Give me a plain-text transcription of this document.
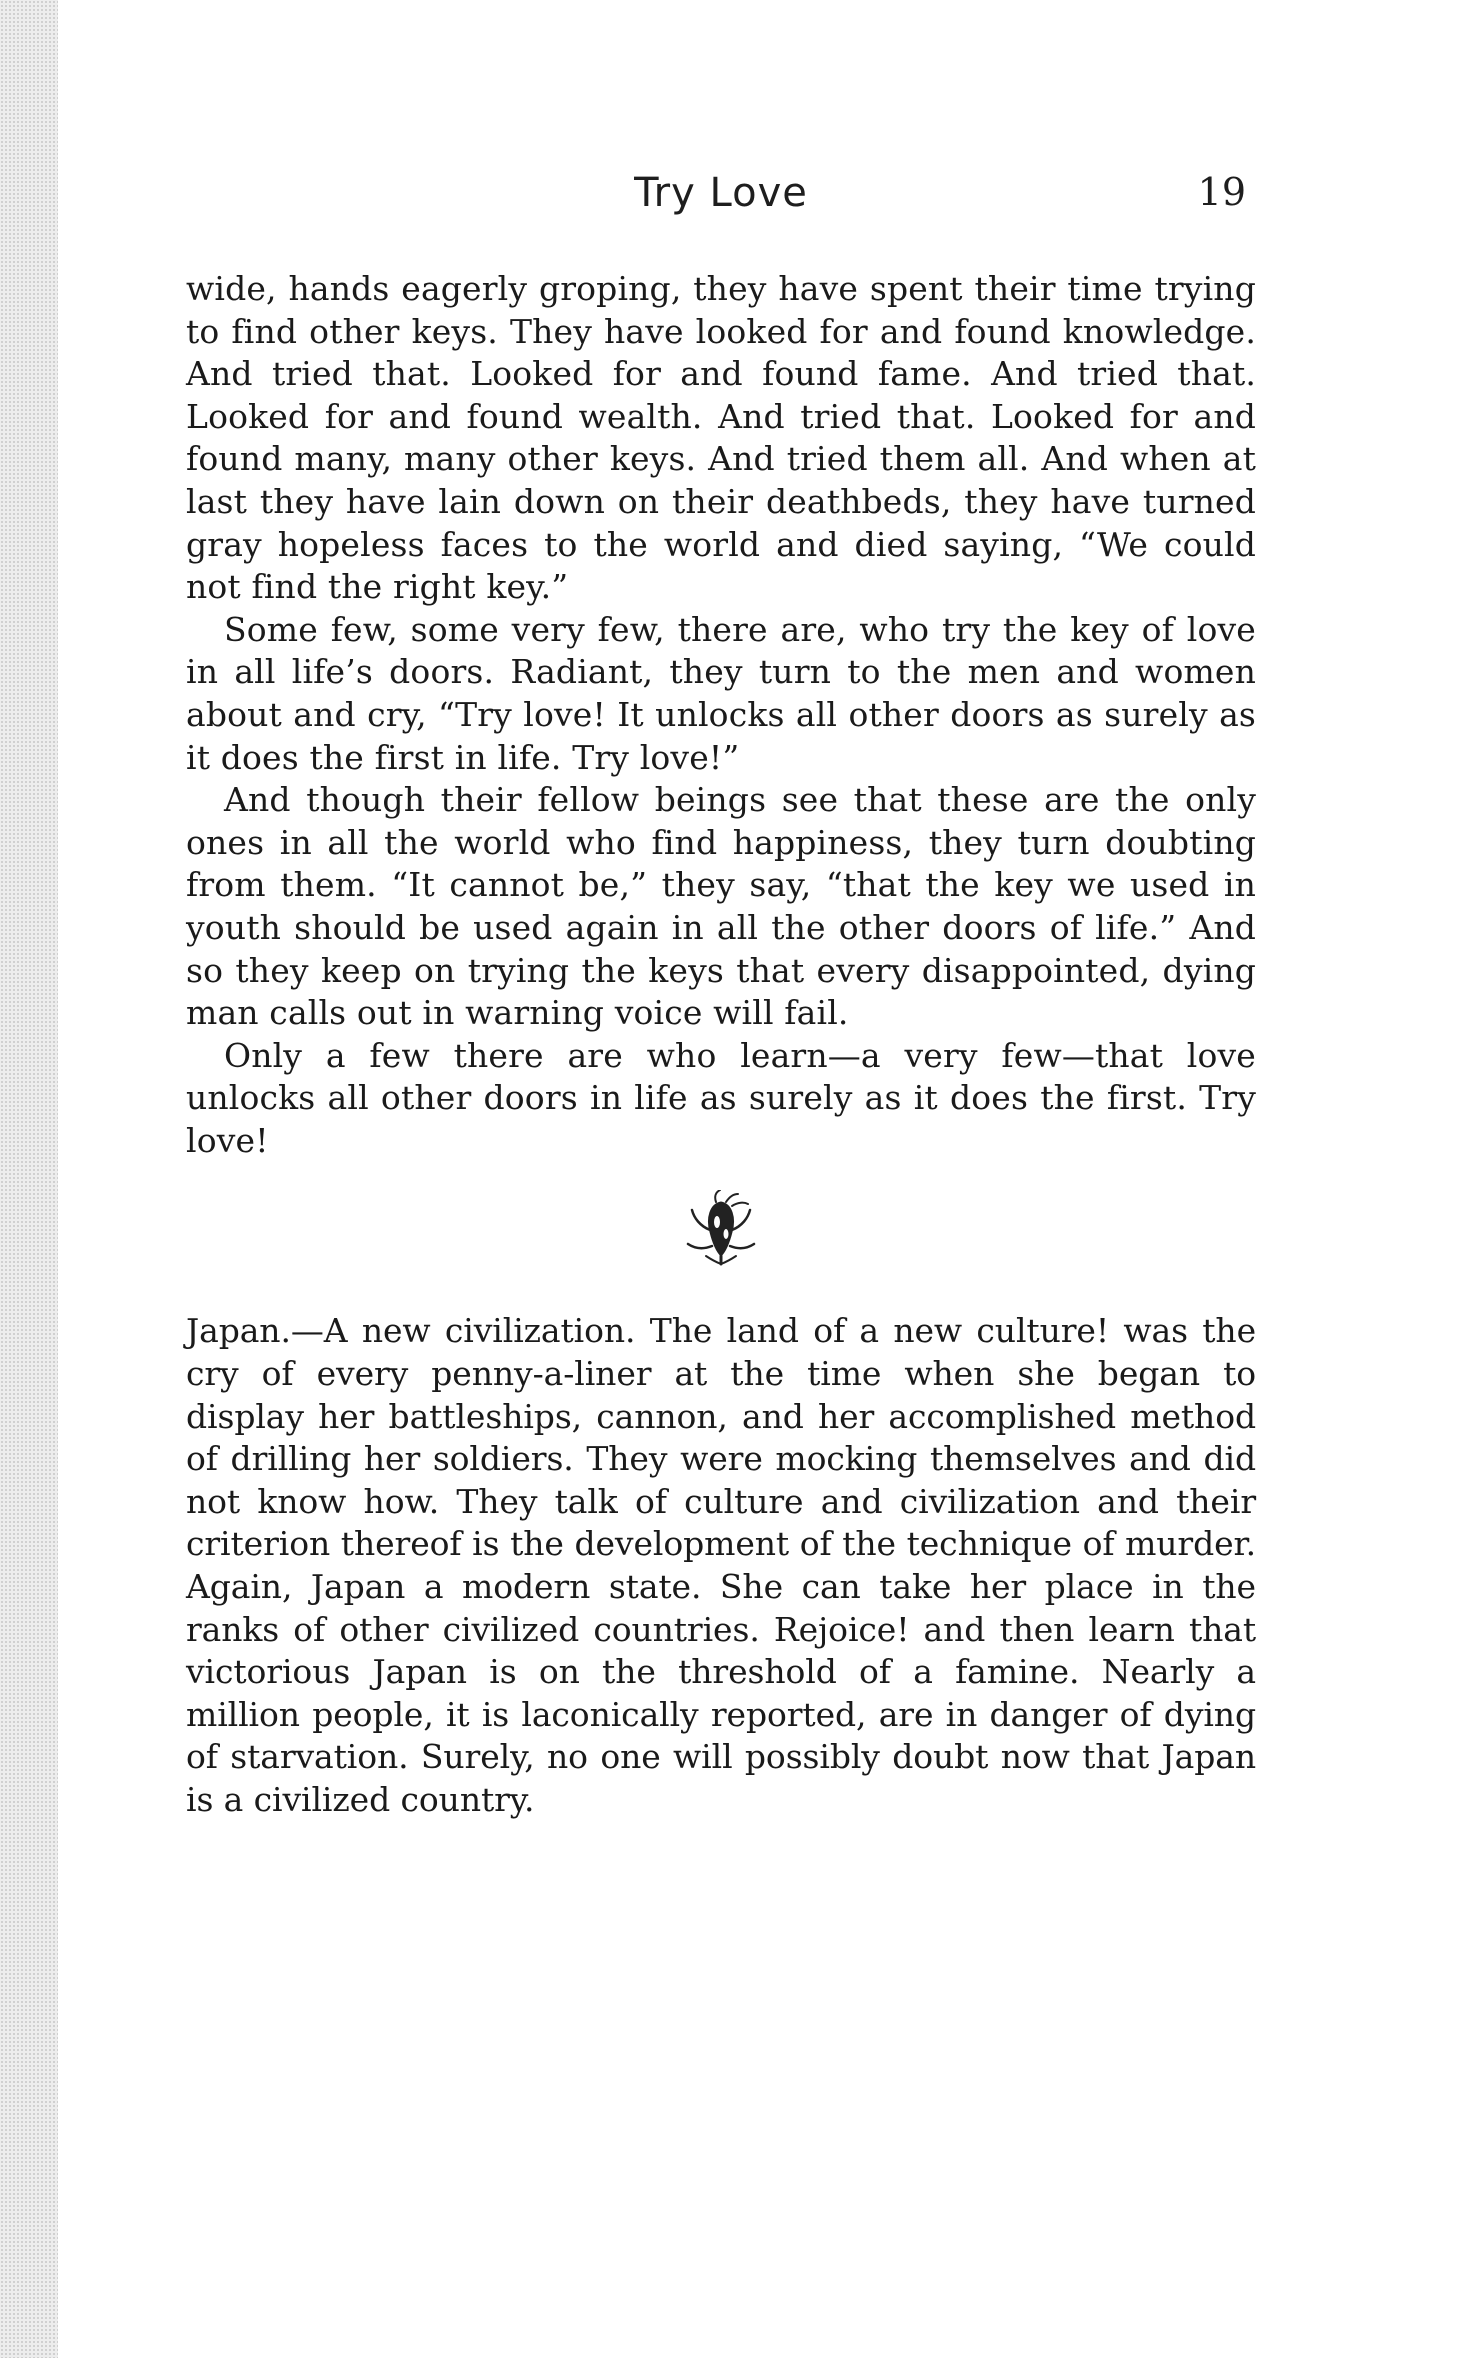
Try Love	19

wide, hands eagerly groping, they have spent their time trying to find other keys. They have looked for and found knowledge. And tried that. Looked for and found fame. And tried that. Looked for and found wealth. And tried that. Looked for and found many, many other keys. And tried them all. And when at last they have lain down on their deathbeds, they have turned gray hopeless faces to the world and died saying, “We could not find the right key.”

Some few, some very few, there are, who try the key of love in all life’s doors. Radiant, they turn to the men and women about and cry, “Try love! It unlocks all other doors as surely as it does the first in life. Try love!”

And though their fellow beings see that these are the only ones in all the world who find happiness, they turn doubting from them. “It cannot be,” they say, “that the key we used in youth should be used again in all the other doors of life.” And so they keep on trying the keys that every disappointed, dying man calls out in warning voice will fail.

Only a few there are who learn—a very few—that love unlocks all other doors in life as surely as it does the first. Try love!

Japan.—A new civilization. The land of a new culture! was the cry of every penny-a-liner at the time when she began to display her battleships, cannon, and her accomplished method of drilling her soldiers. They were mocking themselves and did not know how. They talk of culture and civilization and their criterion thereof is the development of the technique of murder. Again, Japan a modern state. She can take her place in the ranks of other civilized countries. Rejoice! and then learn that victorious Japan is on the threshold of a famine. Nearly a million people, it is laconically reported, are in danger of dying of starvation. Surely, no one will possibly doubt now that Japan is a civilized country.
